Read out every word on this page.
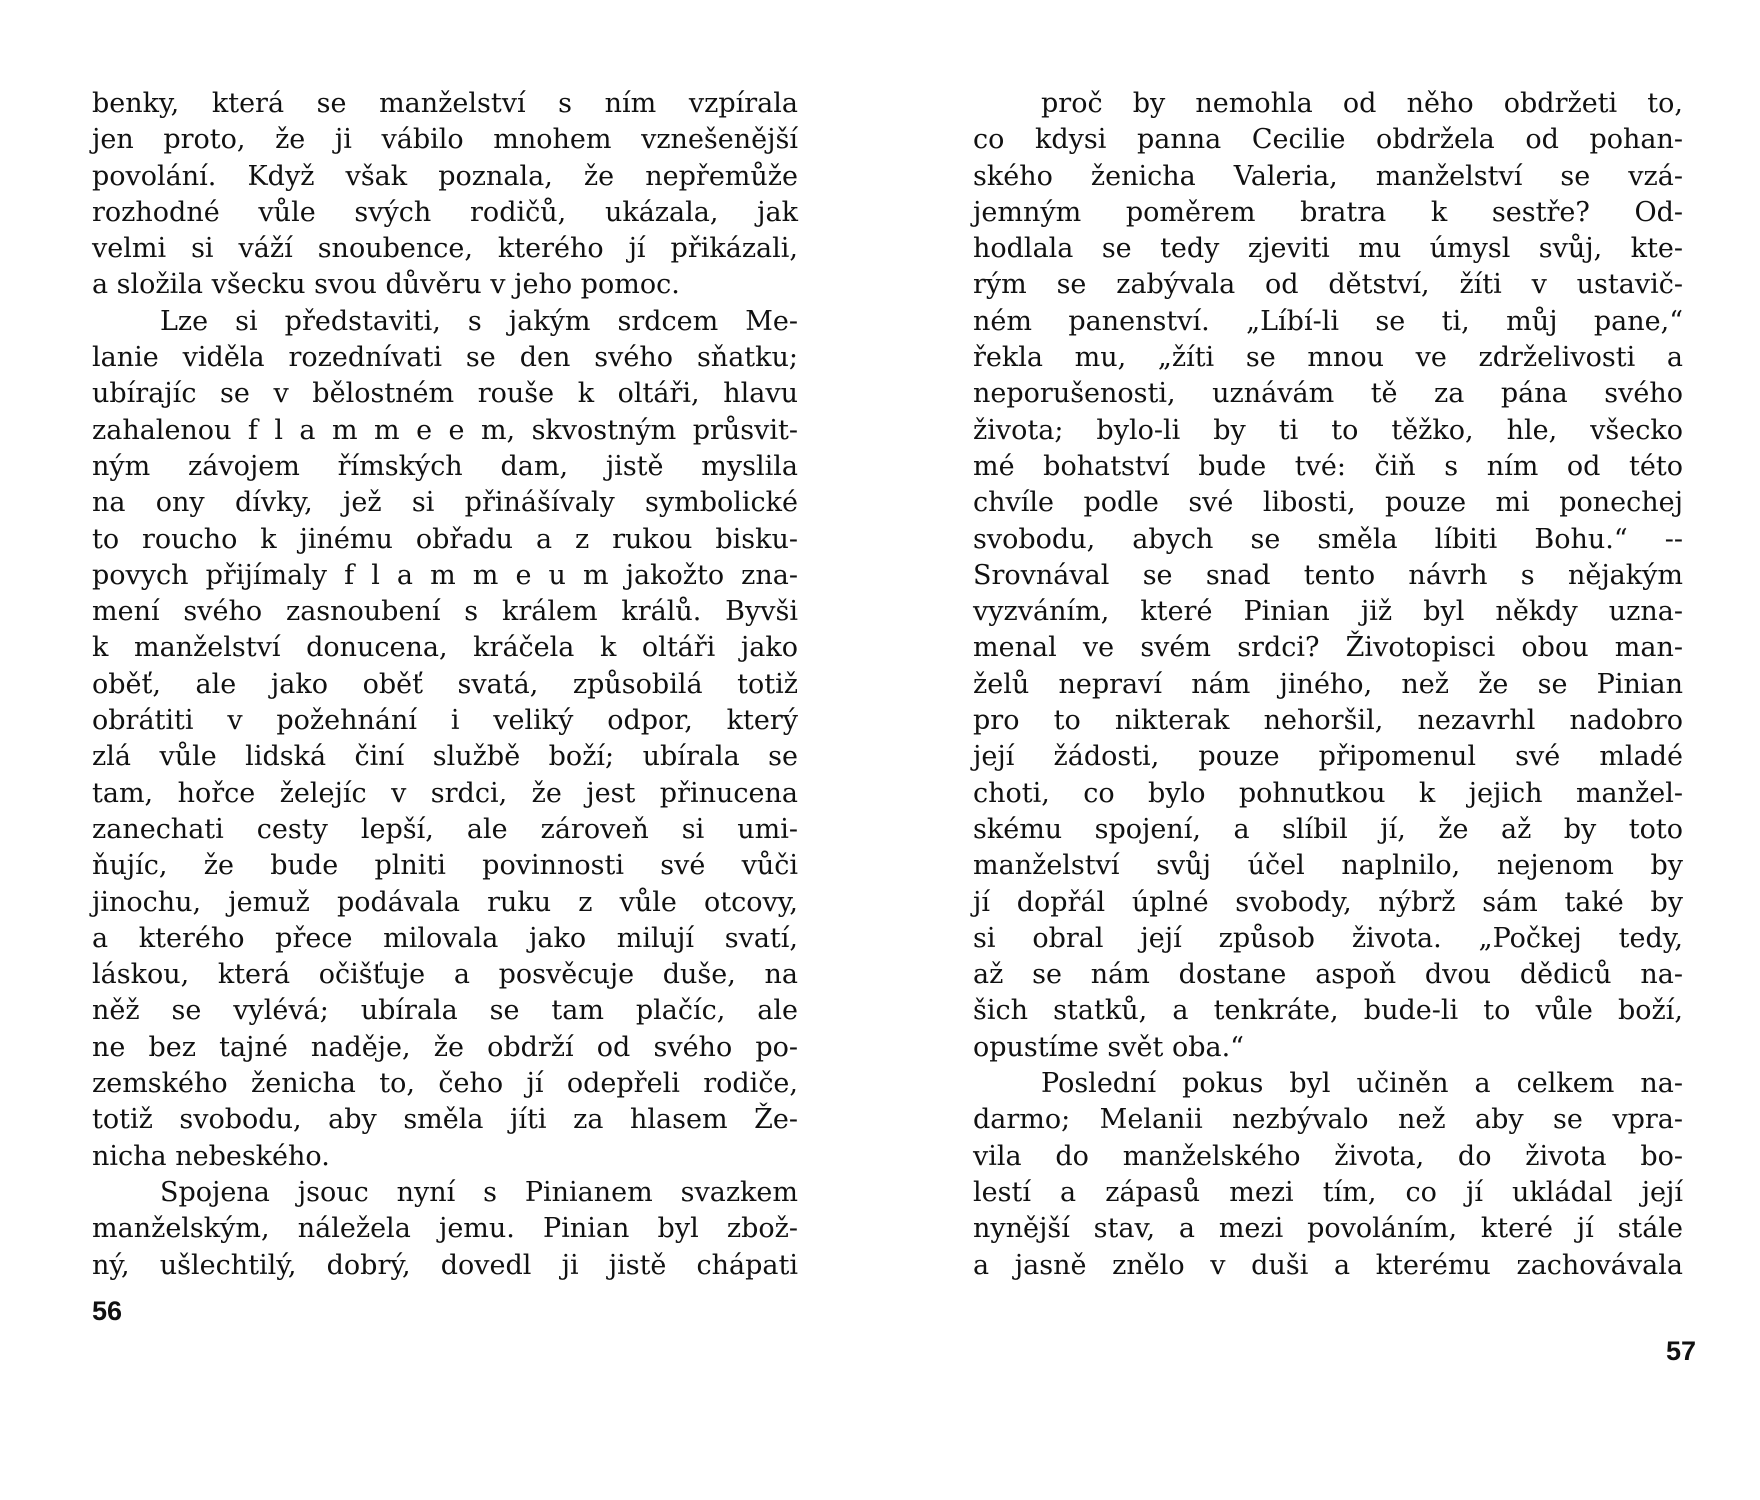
benky, která se manželství s ním vzpírala
jen proto, že ji vábilo mnohem vznešenější
povolání. Když však poznala, že nepřemůže
rozhodné vůle svých rodičů, ukázala, jak
velmi si váží snoubence, kterého jí přikázali,
a složila všecku svou důvěru v jeho pomoc.
Lze si představiti, s jakým srdcem Me-
lanie viděla rozednívati se den svého sňatku;
ubírajíc se v bělostném rouše k oltáři, hlavu
zahalenou f l a m m e e m, skvostným průsvit-
ným závojem římských dam, jistě myslila
na ony dívky, jež si přinášívaly symbolické
to roucho k jinému obřadu a z rukou bisku-
povych přijímaly f l a m m e u m jakožto zna-
mení svého zasnoubení s králem králů. Byvši
k manželství donucena, kráčela k oltáři jako
oběť, ale jako oběť svatá, způsobilá totiž
obrátiti v požehnání i veliký odpor, který
zlá vůle lidská činí službě boží; ubírala se
tam, hořce želejíc v srdci, že jest přinucena
zanechati cesty lepší, ale zároveň si umi-
ňujíc, že bude plniti povinnosti své vůči
jinochu, jemuž podávala ruku z vůle otcovy,
a kterého přece milovala jako milují svatí,
láskou, která očišťuje a posvěcuje duše, na
něž se vylévá; ubírala se tam plačíc, ale
ne bez tajné naděje, že obdrží od svého po-
zemského ženicha to, čeho jí odepřeli rodiče,
totiž svobodu, aby směla jíti za hlasem Že-
nicha nebeského.
Spojena jsouc nyní s Pinianem svazkem
manželským, náležela jemu. Pinian byl zbož-
ný, ušlechtilý, dobrý, dovedl ji jistě chápati
56
proč by nemohla od něho obdržeti to,
co kdysi panna Cecilie obdržela od pohan-
ského ženicha Valeria, manželství se vzá-
jemným poměrem bratra k sestře? Od-
hodlala se tedy zjeviti mu úmysl svůj, kte-
rým se zabývala od dětství, žíti v ustavič-
ném panenství. „Líbí-li se ti, můj pane,“
řekla mu, „žíti se mnou ve zdrželivosti a
neporušenosti, uznávám tě za pána svého
života; bylo-li by ti to těžko, hle, všecko
mé bohatství bude tvé: čiň s ním od této
chvíle podle své libosti, pouze mi ponechej
svobodu, abych se směla líbiti Bohu.“ --
Srovnával se snad tento návrh s nějakým
vyzváním, které Pinian již byl někdy uzna-
menal ve svém srdci? Životopisci obou man-
želů nepraví nám jiného, než že se Pinian
pro to nikterak nehoršil, nezavrhl nadobro
její žádosti, pouze připomenul své mladé
choti, co bylo pohnutkou k jejich manžel-
skému spojení, a slíbil jí, že až by toto
manželství svůj účel naplnilo, nejenom by
jí dopřál úplné svobody, nýbrž sám také by
si obral její způsob života. „Počkej tedy,
až se nám dostane aspoň dvou dědiců na-
šich statků, a tenkráte, bude-li to vůle boží,
opustíme svět oba.“
Poslední pokus byl učiněn a celkem na-
darmo; Melanii nezbývalo než aby se vpra-
vila do manželského života, do života bo-
lestí a zápasů mezi tím, co jí ukládal její
nynější stav, a mezi povoláním, které jí stále
a jasně znělo v duši a kterému zachovávala
57
